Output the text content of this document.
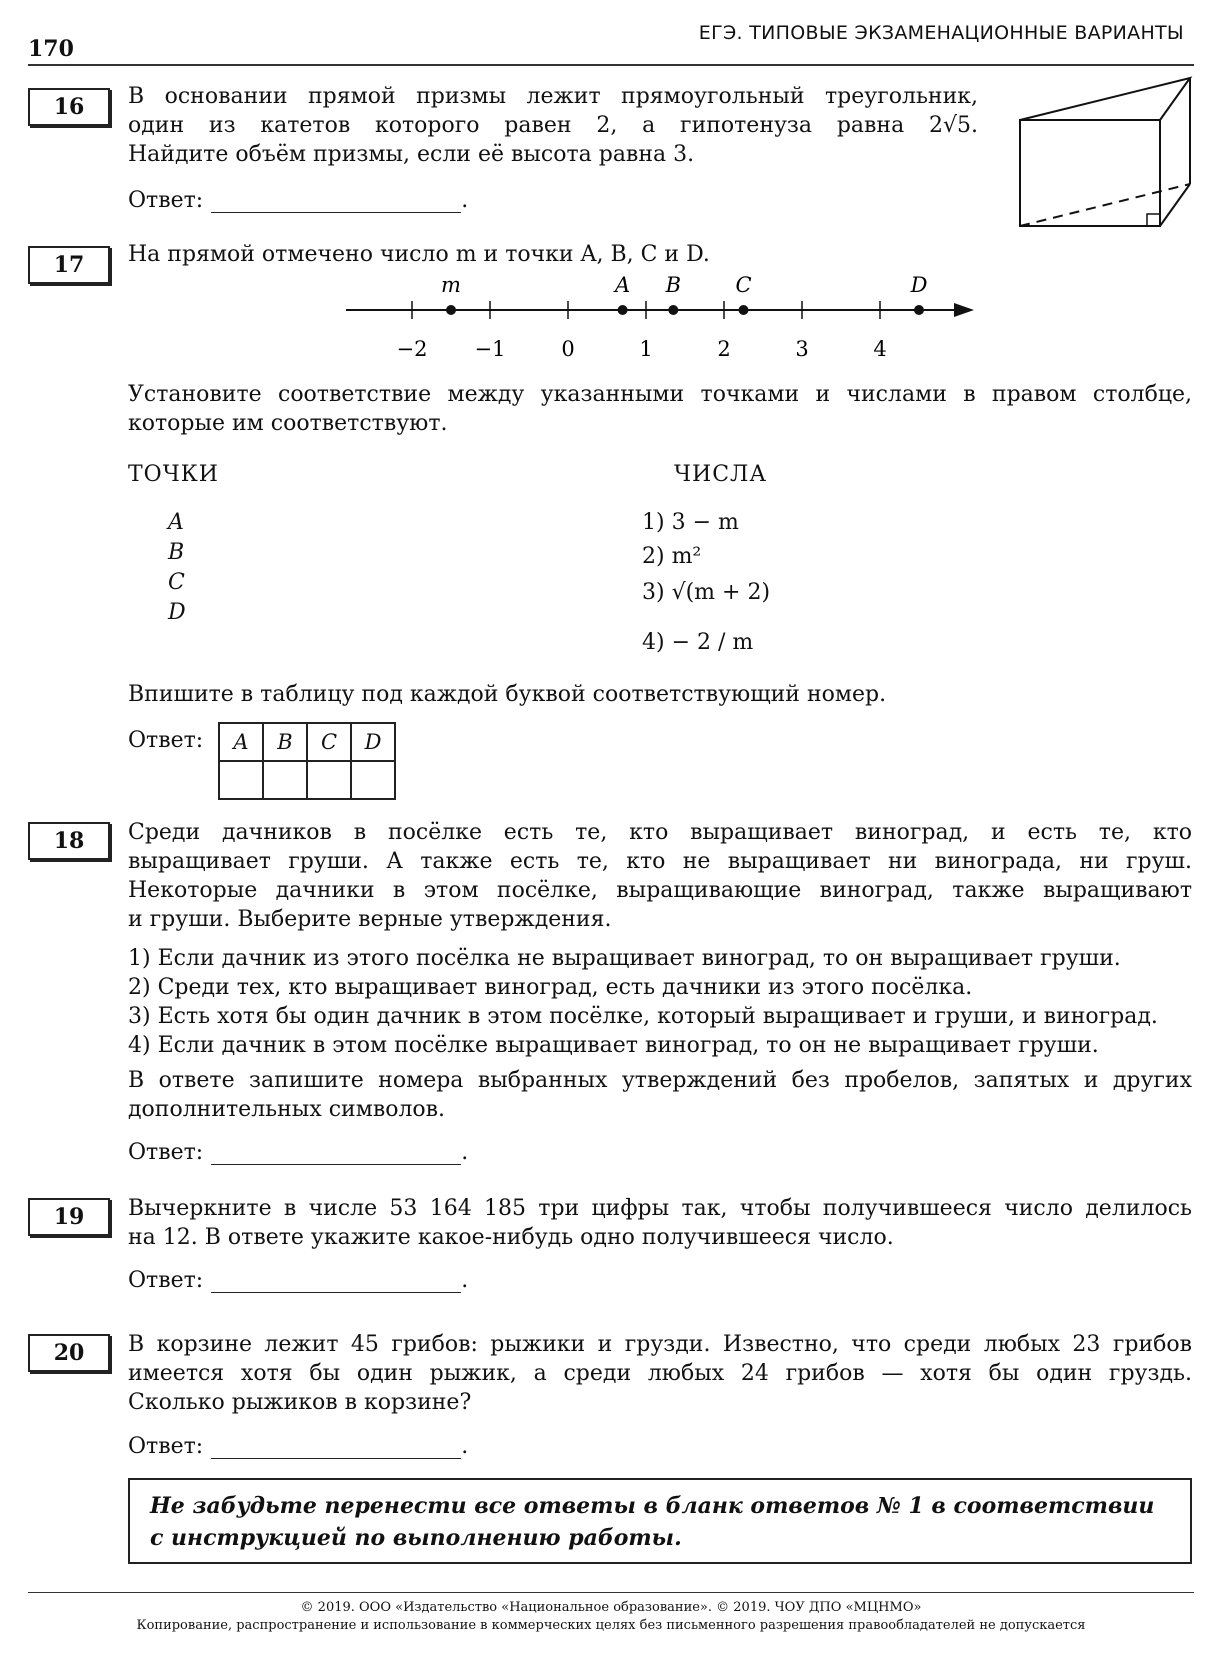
170
ЕГЭ. ТИПОВЫЕ ЭКЗАМЕНАЦИОННЫЕ ВАРИАНТЫ
16	В основании прямой призмы лежит прямоугольный треугольник,
один из катетов которого равен 2, а гипотенуза равна 2√5.
Найдите объём призмы, если её высота равна 3.
Ответ:	.
17	На прямой отмечено число m и точки A, B, C и D.
−2 −1	0	1	2	3	4
m	A B	C	D
Установите соответствие между указанными точками и числами в правом столбце,
которые им соответствуют.
ТОЧКИ	ЧИСЛА
A
B
C
D
1) 3 − m
2) m²
3) √(m + 2)
4) − 2 / m
Впишите в таблицу под каждой буквой соответствующий номер.
Ответ: A	B	C	D

18	Среди дачников в посёлке есть те, кто выращивает виноград, и есть те, кто
выращивает груши. А также есть те, кто не выращивает ни винограда, ни груш.
Некоторые дачники в этом посёлке, выращивающие виноград, также выращивают
и груши. Выберите верные утверждения.
1) Если дачник из этого посёлка не выращивает виноград, то он выращивает груши.
2) Среди тех, кто выращивает виноград, есть дачники из этого посёлка.
3) Есть хотя бы один дачник в этом посёлке, который выращивает и груши, и виноград.
4) Если дачник в этом посёлке выращивает виноград, то он не выращивает груши.
В ответе запишите номера выбранных утверждений без пробелов, запятых и других
дополнительных символов.
Ответ:	.
19	Вычеркните в числе 53 164 185 три цифры так, чтобы получившееся число делилось
на 12. В ответе укажите какое-нибудь одно получившееся число.
Ответ:	.
20	В корзине лежит 45 грибов: рыжики и грузди. Известно, что среди любых 23 грибов
имеется хотя бы один рыжик, а среди любых 24 грибов — хотя бы один груздь.
Сколько рыжиков в корзине?
Ответ:	.
Не забудьте перенести все ответы в бланк ответов № 1 в соответствии
с инструкцией по выполнению работы.
© 2019. ООО «Издательство «Национальное образование». © 2019. ЧОУ ДПО «МЦНМО»
Копирование, распространение и использование в коммерческих целях без письменного разрешения правообладателей не допускается
